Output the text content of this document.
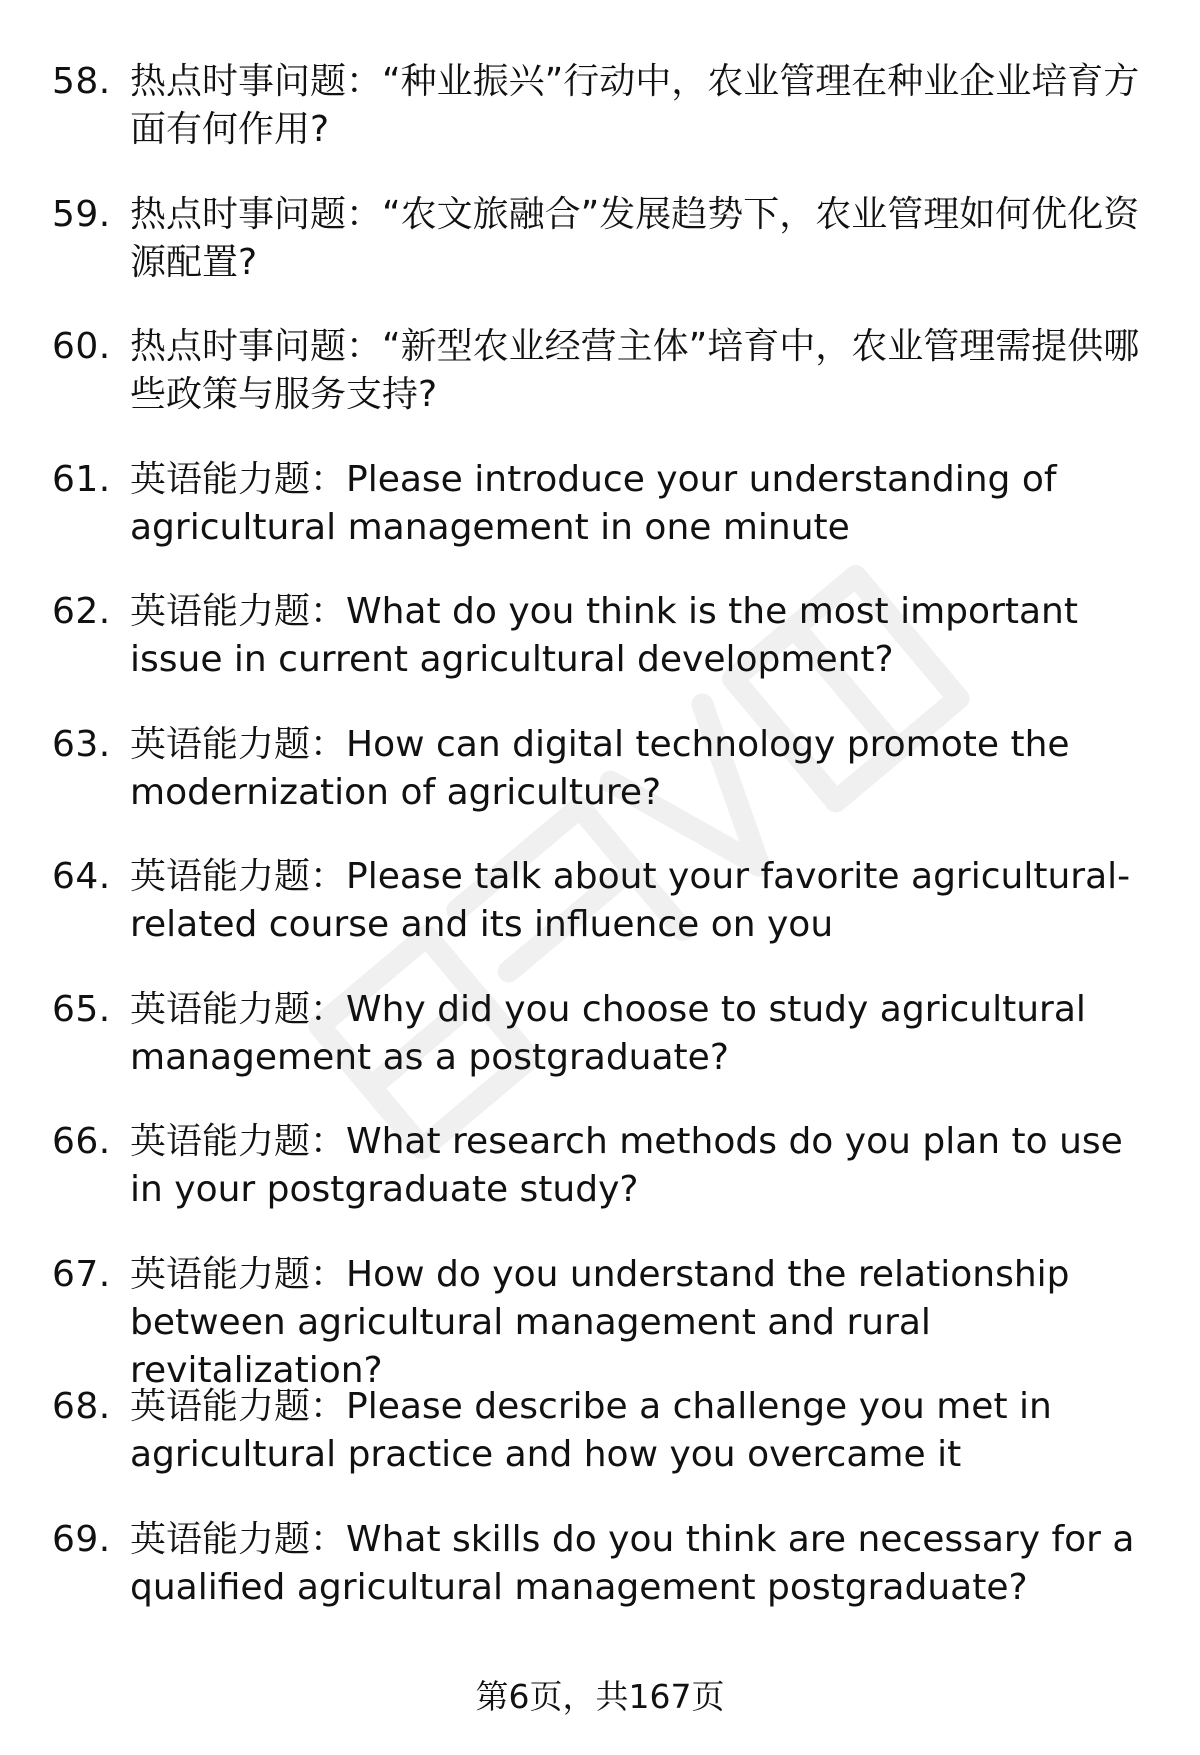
58. 热点时事问题：“种业振兴”行动中，农业管理在种业企业培育方面有何作用?

59. 热点时事问题：“农文旅融合”发展趋势下，农业管理如何优化资源配置?

60. 热点时事问题：“新型农业经营主体”培育中，农业管理需提供哪些政策与服务支持?

61. 英语能力题：Please introduce your understanding of agricultural management in one minute

62. 英语能力题：What do you think is the most important issue in current agricultural development?

63. 英语能力题：How can digital technology promote the modernization of agriculture?

64. 英语能力题：Please talk about your favorite agricultural-related course and its influence on you

65. 英语能力题：Why did you choose to study agricultural management as a postgraduate?

66. 英语能力题：What research methods do you plan to use in your postgraduate study?

67. 英语能力题：How do you understand the relationship between agricultural management and rural revitalization?

68. 英语能力题：Please describe a challenge you met in agricultural practice and how you overcame it

69. 英语能力题：What skills do you think are necessary for a qualified agricultural management postgraduate?

第6页，共167页
